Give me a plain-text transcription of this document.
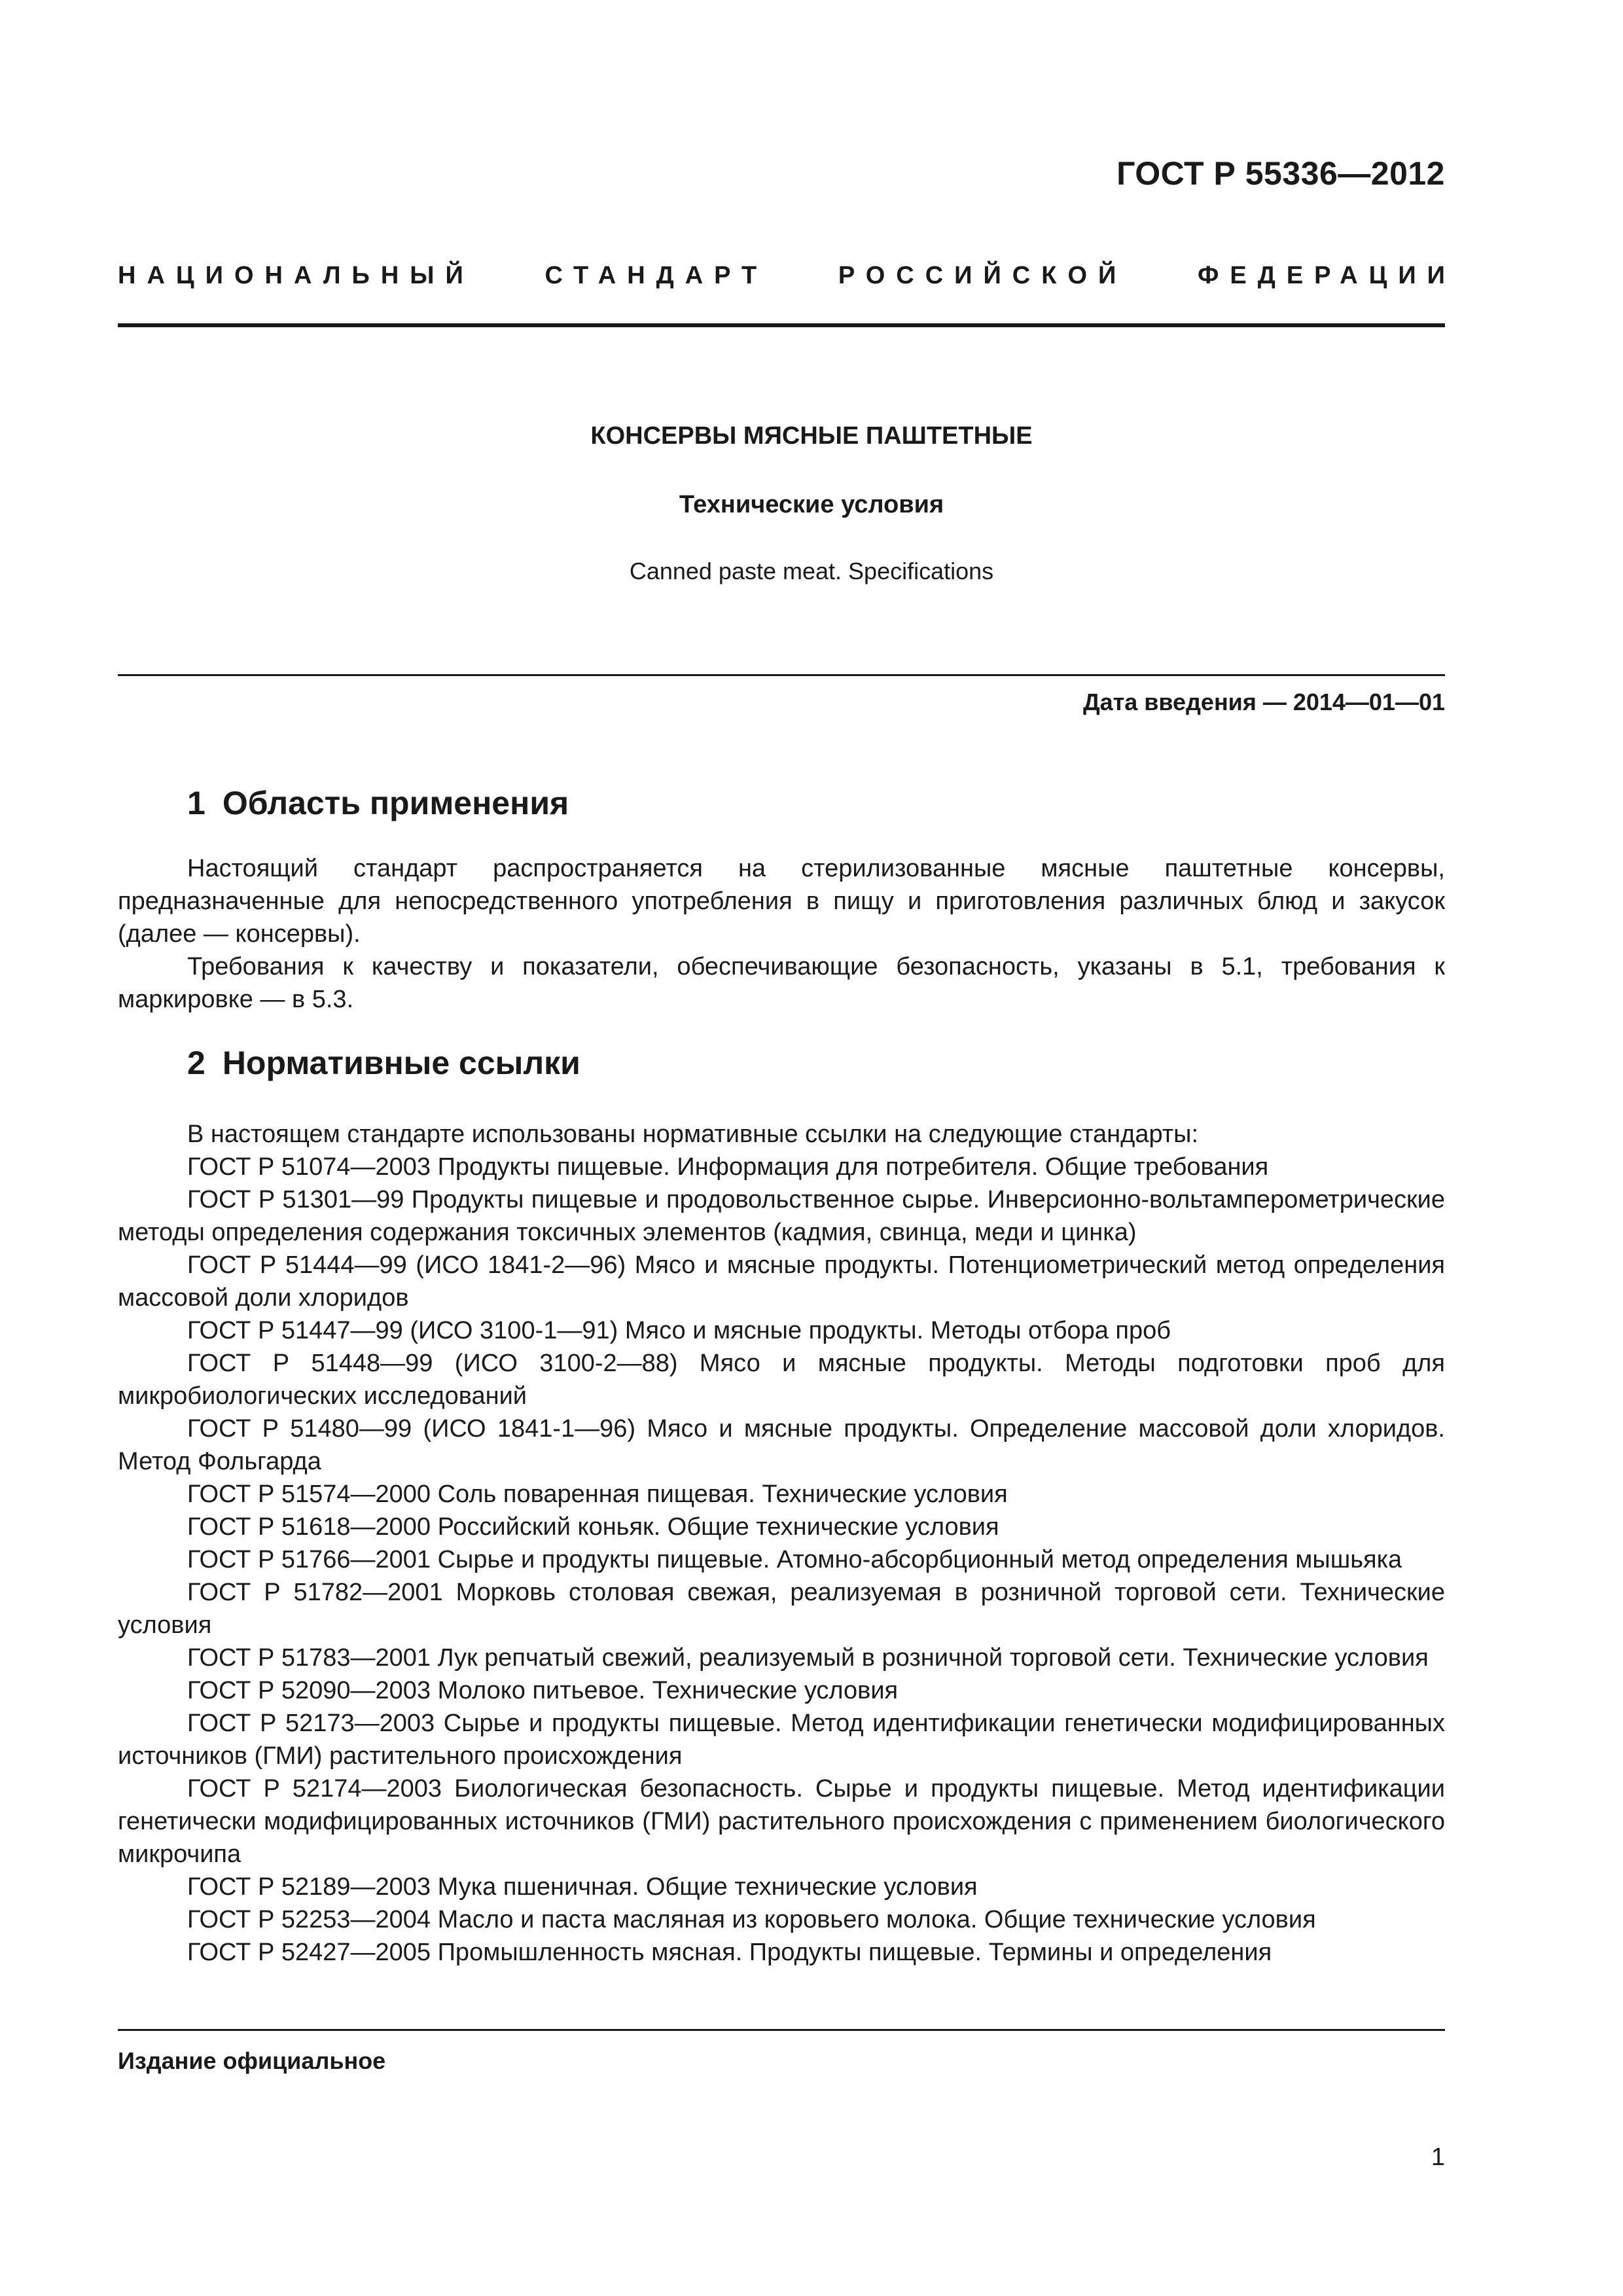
ГОСТ Р 55336—2012
НАЦИОНАЛЬНЫЙ	СТАНДАРТ	РОССИЙСКОЙ	ФЕДЕРАЦИИ
КОНСЕРВЫ МЯСНЫЕ ПАШТЕТНЫЕ
Технические условия
Canned paste meat. Specifications
Дата введения — 2014—01—01
1 Область применения

Настоящий стандарт распространяется на стерилизованные мясные паштетные консервы, предназначенные для непосредственного употребления в пищу и приготовления различных блюд и закусок (далее — консервы).

Требования к качеству и показатели, обеспечивающие безопасность, указаны в 5.1, требования к маркировке — в 5.3.

2 Нормативные ссылки

В настоящем стандарте использованы нормативные ссылки на следующие стандарты:

ГОСТ Р 51074—2003 Продукты пищевые. Информация для потребителя. Общие требования

ГОСТ Р 51301—99 Продукты пищевые и продовольственное сырье. Инверсионно-вольтамперометрические методы определения содержания токсичных элементов (кадмия, свинца, меди и цинка)

ГОСТ Р 51444—99 (ИСО 1841-2—96) Мясо и мясные продукты. Потенциометрический метод определения массовой доли хлоридов

ГОСТ Р 51447—99 (ИСО 3100-1—91) Мясо и мясные продукты. Методы отбора проб

ГОСТ Р 51448—99 (ИСО 3100-2—88) Мясо и мясные продукты. Методы подготовки проб для микробиологических исследований

ГОСТ Р 51480—99 (ИСО 1841-1—96) Мясо и мясные продукты. Определение массовой доли хлоридов. Метод Фольгарда

ГОСТ Р 51574—2000 Соль поваренная пищевая. Технические условия

ГОСТ Р 51618—2000 Российский коньяк. Общие технические условия

ГОСТ Р 51766—2001 Сырье и продукты пищевые. Атомно-абсорбционный метод определения мышьяка

ГОСТ Р 51782—2001 Морковь столовая свежая, реализуемая в розничной торговой сети. Технические условия

ГОСТ Р 51783—2001 Лук репчатый свежий, реализуемый в розничной торговой сети. Технические условия

ГОСТ Р 52090—2003 Молоко питьевое. Технические условия

ГОСТ Р 52173—2003 Сырье и продукты пищевые. Метод идентификации генетически модифицированных источников (ГМИ) растительного происхождения

ГОСТ Р 52174—2003 Биологическая безопасность. Сырье и продукты пищевые. Метод идентификации генетически модифицированных источников (ГМИ) растительного происхождения с применением биологического микрочипа

ГОСТ Р 52189—2003 Мука пшеничная. Общие технические условия

ГОСТ Р 52253—2004 Масло и паста масляная из коровьего молока. Общие технические условия

ГОСТ Р 52427—2005 Промышленность мясная. Продукты пищевые. Термины и определения

Издание официальное
1
